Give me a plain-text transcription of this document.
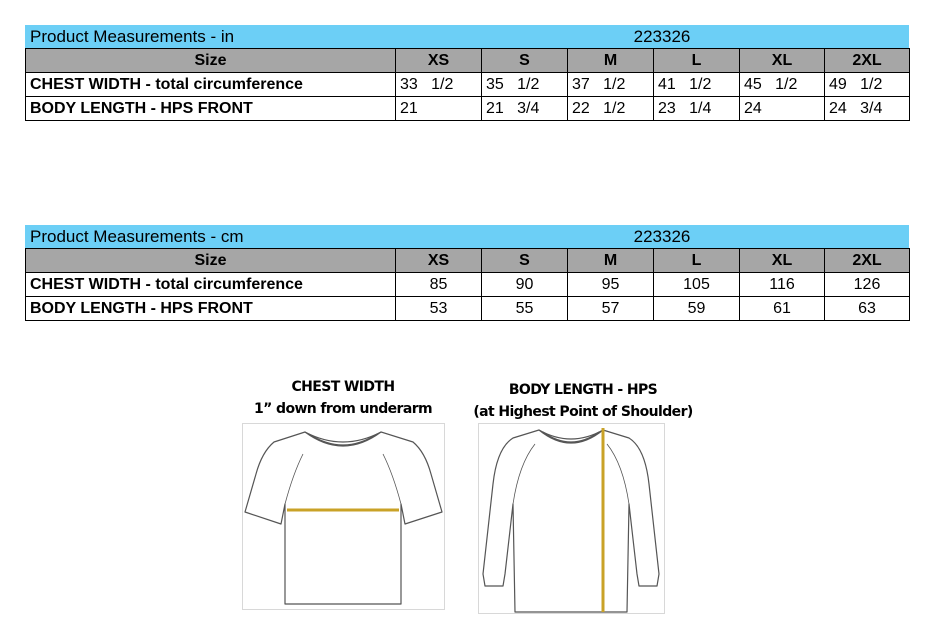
Product Measurements - in	223326
Size	XS	S	M	L	XL	2XL
CHEST WIDTH - total circumference	33   1/2	35   1/2	37   1/2	41   1/2	45   1/2	49   1/2
BODY LENGTH - HPS FRONT	21	21   3/4	22   1/2	23   1/4	24	24   3/4
Product Measurements - cm	223326
Size	XS	S	M	L	XL	2XL
CHEST WIDTH - total circumference	85	90	95	105	116	126
BODY LENGTH - HPS FRONT	53	55	57	59	61	63
CHEST WIDTH
1” down from underarm
BODY LENGTH - HPS
(at Highest Point of Shoulder)
